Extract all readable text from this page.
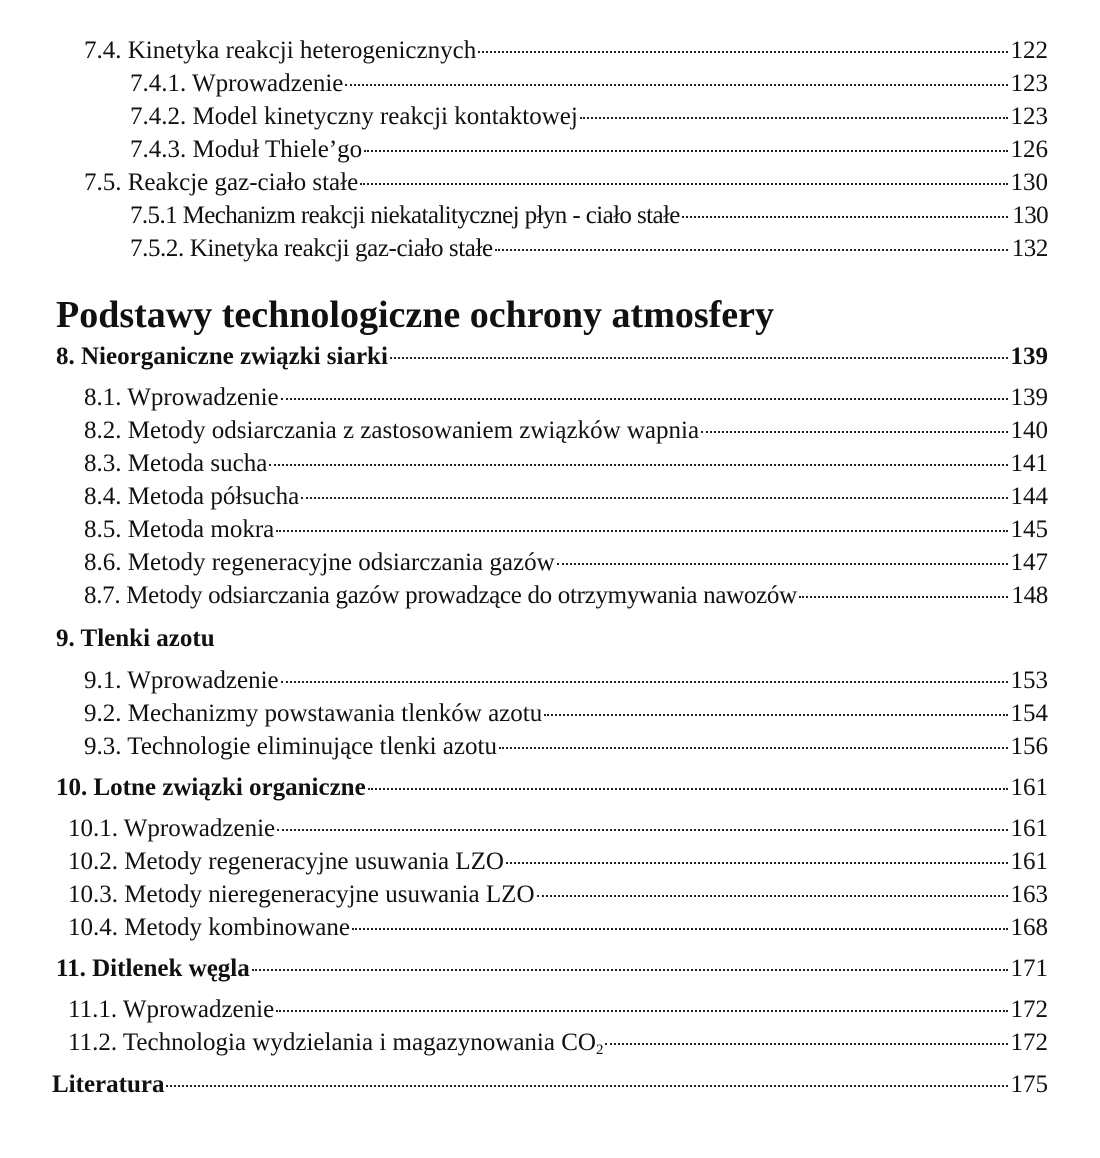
7.4. Kinetyka reakcji heterogenicznych	122
7.4.1. Wprowadzenie	123
7.4.2. Model kinetyczny reakcji kontaktowej	123
7.4.3. Moduł Thiele’go	126
7.5. Reakcje gaz-ciało stałe	130
7.5.1 Mechanizm reakcji niekatalitycznej płyn - ciało stałe	130
7.5.2. Kinetyka reakcji gaz-ciało stałe	132
Podstawy technologiczne ochrony atmosfery
8. Nieorganiczne związki siarki	139
8.1. Wprowadzenie	139
8.2. Metody odsiarczania z zastosowaniem związków wapnia	140
8.3. Metoda sucha	141
8.4. Metoda półsucha	144
8.5. Metoda mokra	145
8.6. Metody regeneracyjne odsiarczania gazów	147
8.7. Metody odsiarczania gazów prowadzące do otrzymywania nawozów	148
9. Tlenki azotu
9.1. Wprowadzenie	153
9.2. Mechanizmy powstawania tlenków azotu	154
9.3. Technologie eliminujące tlenki azotu	156
10. Lotne związki organiczne	161
10.1. Wprowadzenie	161
10.2. Metody regeneracyjne usuwania LZO	161
10.3. Metody nieregeneracyjne usuwania LZO	163
10.4. Metody kombinowane	168
11. Ditlenek węgla	171
11.1. Wprowadzenie	172
11.2. Technologia wydzielania i magazynowania $CO_2$	172
Literatura	175
